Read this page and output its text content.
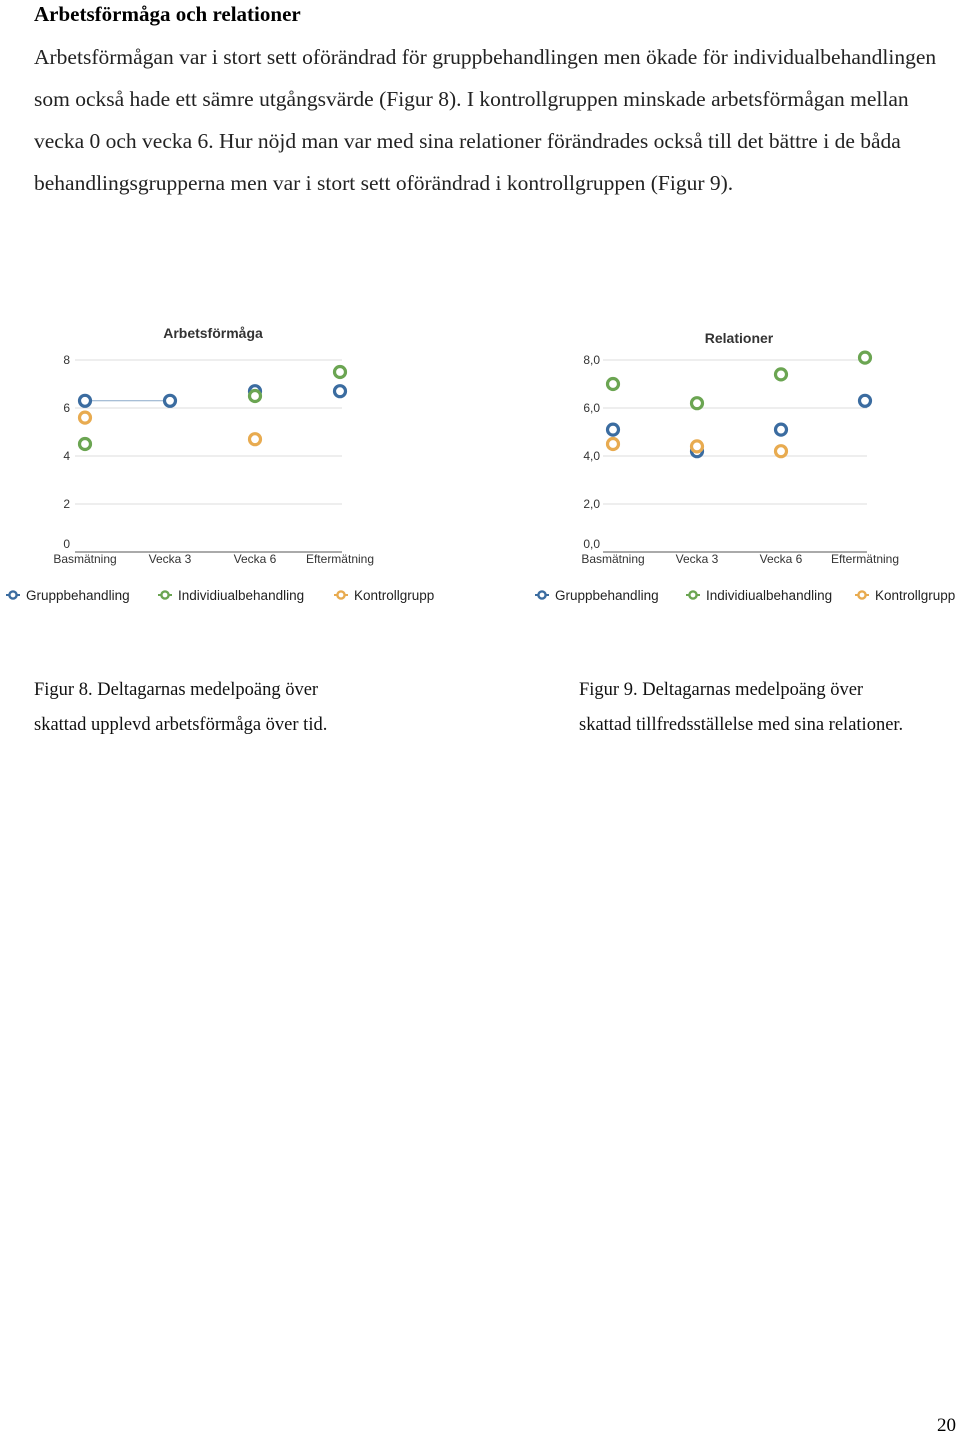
Arbetsförmåga och relationer

Arbetsförmågan var i stort sett oförändrad för gruppbehandlingen men ökade för individualbehandlingen som också hade ett sämre utgångsvärde (Figur 8). I kontrollgruppen minskade arbetsförmågan mellan vecka 0 och vecka 6. Hur nöjd man var med sina relationer förändrades också till det bättre i de båda behandlingsgrupperna men var i stort sett oförändrad i kontrollgruppen (Figur 9).

Arbetsförmåga
0
2
4
6
8
Basmätning	Vecka 3	Vecka 6 Eftermätning
Gruppbehandling	Individiualbehandling	Kontrollgrupp
Relationer
0,0
2,0
4,0
6,0
8,0
Basmätning	Vecka 3	Vecka 6 Eftermätning
Gruppbehandling	Individiualbehandling	Kontrollgrupp
Figur 8. Deltagarnas medelpoäng över
skattad upplevd arbetsförmåga över tid.
Figur 9. Deltagarnas medelpoäng över
skattad tillfredsställelse med sina relationer.
20
